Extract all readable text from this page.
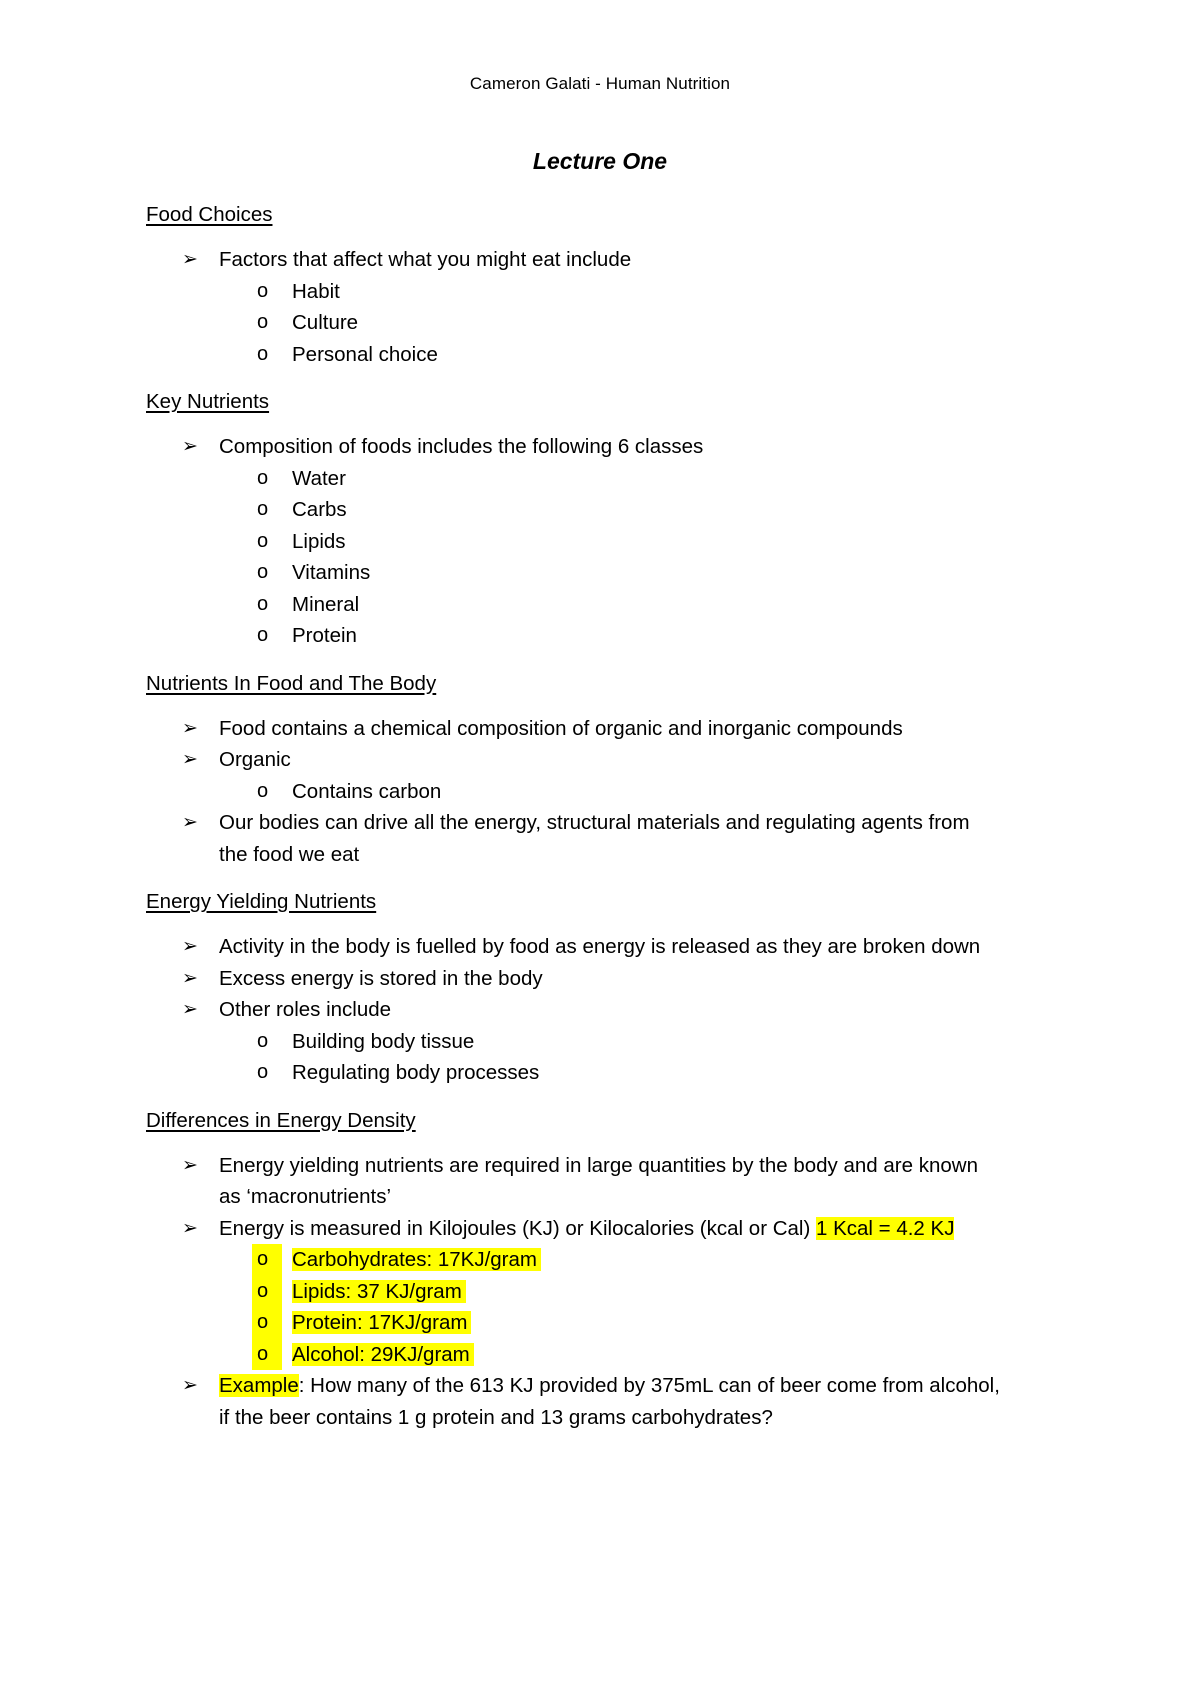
Cameron Galati - Human Nutrition
Lecture One

Food Choices

➢	Factors that affect what you might eat include

o Habit

o Culture

o Personal choice

Key Nutrients

➢	Composition of foods includes the following 6 classes

o Water

o Carbs

o Lipids

o Vitamins

o Mineral

o Protein

Nutrients In Food and The Body

➢	Food contains a chemical composition of organic and inorganic compounds

➢	Organic

o Contains carbon

➢	Our bodies can drive all the energy, structural materials and regulating agents from

the food we eat

Energy Yielding Nutrients

➢	Activity in the body is fuelled by food as energy is released as they are broken down

➢	Excess energy is stored in the body

➢	Other roles include

o Building body tissue

o Regulating body processes

Differences in Energy Density

➢	Energy yielding nutrients are required in large quantities by the body and are known

as ‘macronutrients’

➢	Energy is measured in Kilojoules (KJ) or Kilocalories (kcal or Cal) 1 Kcal = 4.2 KJ

o	Carbohydrates: 17KJ/gram

o	Lipids: 37 KJ/gram

o	Protein: 17KJ/gram

o	Alcohol: 29KJ/gram

➢	Example: How many of the 613 KJ provided by 375mL can of beer come from alcohol,

if the beer contains 1 g protein and 13 grams carbohydrates?
